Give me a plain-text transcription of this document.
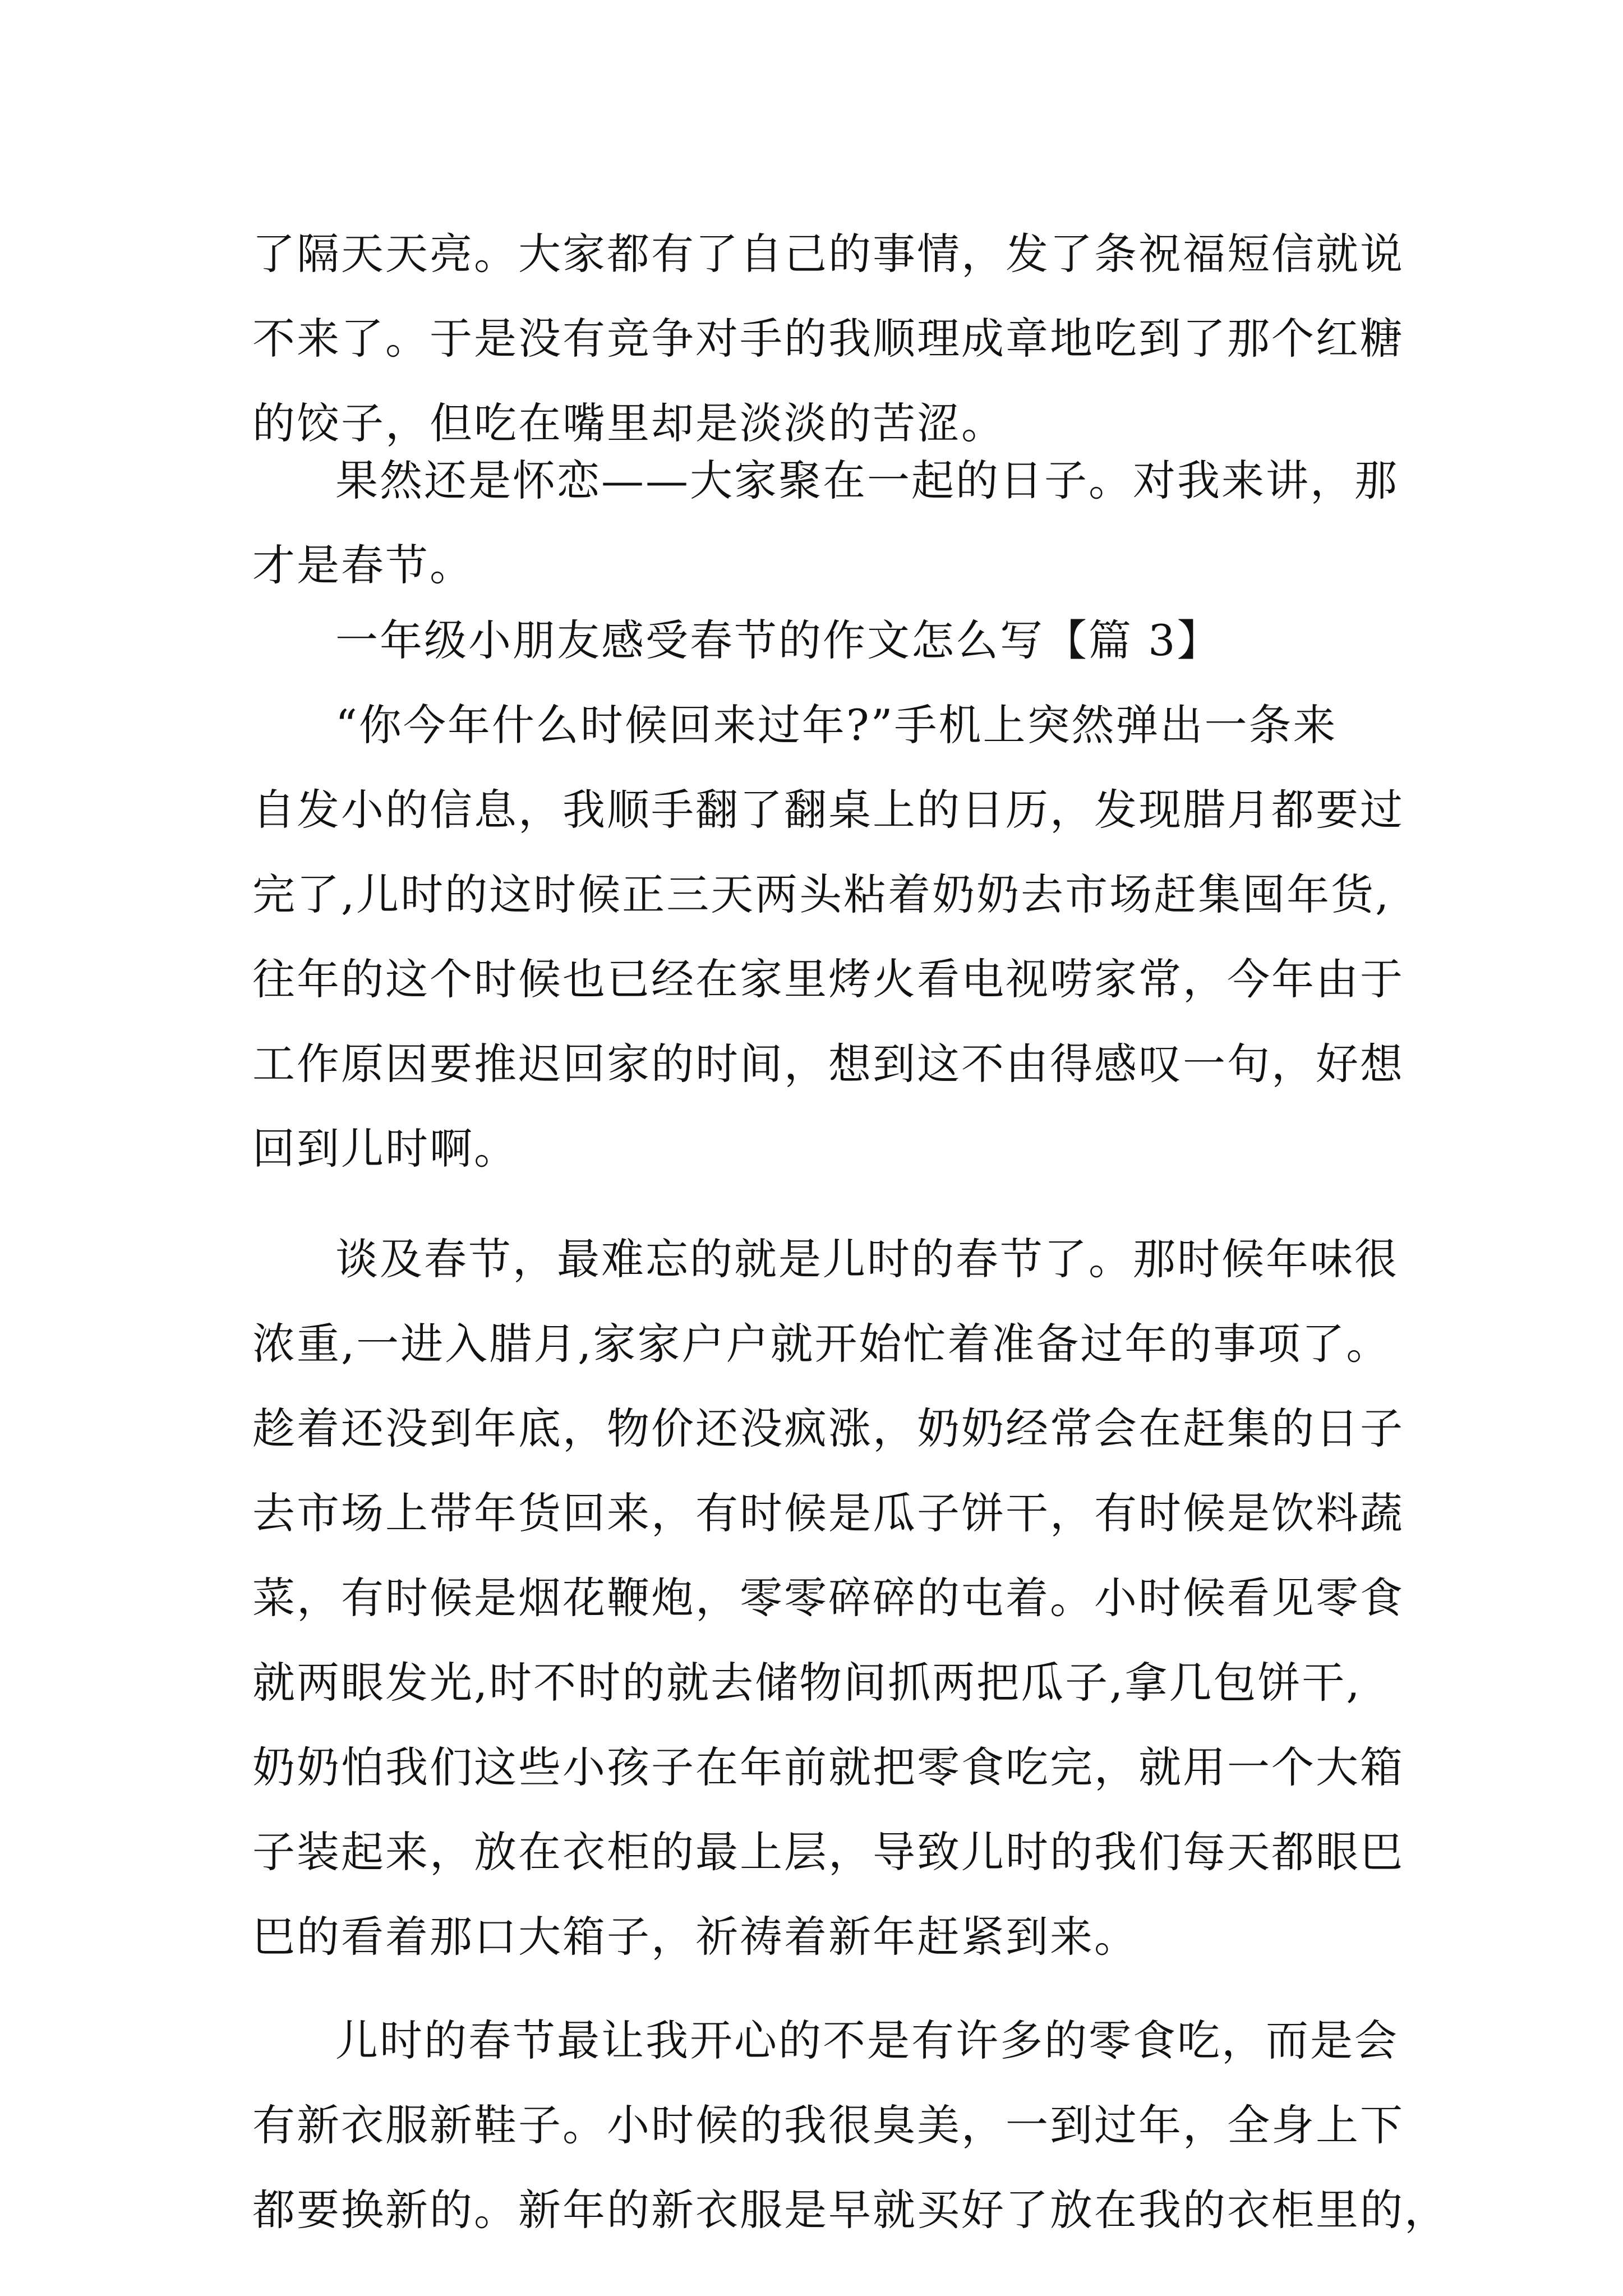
了隔天天亮。大家都有了自己的事情，发了条祝福短信就说
不来了。于是没有竞争对手的我顺理成章地吃到了那个红糖
的饺子，但吃在嘴里却是淡淡的苦涩。
果然还是怀恋——大家聚在一起的日子。对我来讲，那
才是春节。
一年级小朋友感受春节的作文怎么写【篇 3】
“你今年什么时候回来过年?”手机上突然弹出一条来
自发小的信息，我顺手翻了翻桌上的日历，发现腊月都要过
完了,儿时的这时候正三天两头粘着奶奶去市场赶集囤年货,
往年的这个时候也已经在家里烤火看电视唠家常，今年由于
工作原因要推迟回家的时间，想到这不由得感叹一句，好想
回到儿时啊。
谈及春节，最难忘的就是儿时的春节了。那时候年味很
浓重,一进入腊月,家家户户就开始忙着准备过年的事项了。
趁着还没到年底，物价还没疯涨，奶奶经常会在赶集的日子
去市场上带年货回来，有时候是瓜子饼干，有时候是饮料蔬
菜，有时候是烟花鞭炮，零零碎碎的屯着。小时候看见零食
就两眼发光,时不时的就去储物间抓两把瓜子,拿几包饼干,
奶奶怕我们这些小孩子在年前就把零食吃完，就用一个大箱
子装起来，放在衣柜的最上层，导致儿时的我们每天都眼巴
巴的看着那口大箱子，祈祷着新年赶紧到来。
儿时的春节最让我开心的不是有许多的零食吃，而是会
有新衣服新鞋子。小时候的我很臭美，一到过年，全身上下
都要换新的。新年的新衣服是早就买好了放在我的衣柜里的，
